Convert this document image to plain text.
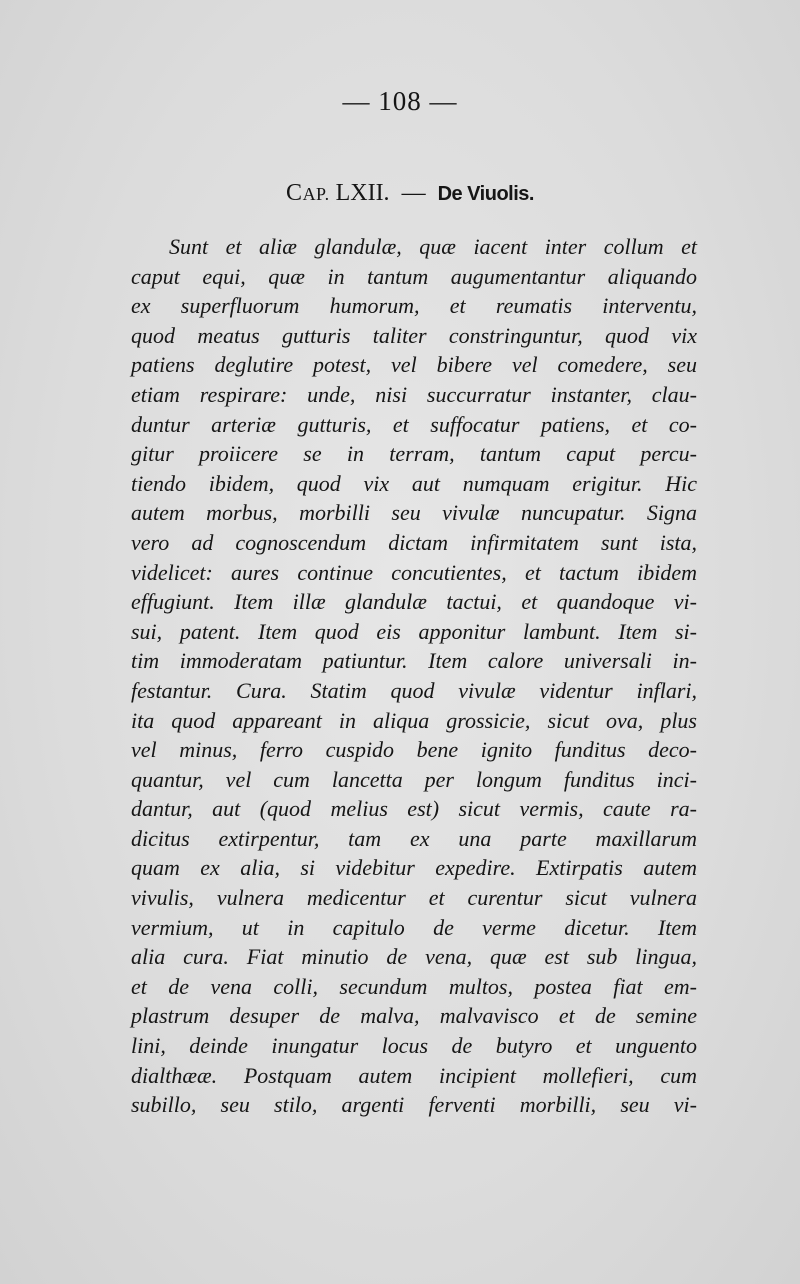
— 108 —
CAP. LXII. — De Viuolis.
Sunt et aliæ glandulæ, quæ iacent inter collum et
caput equi, quæ in tantum augumentantur aliquando
ex superfluorum humorum, et reumatis interventu,
quod meatus gutturis taliter constringuntur, quod vix
patiens deglutire potest, vel bibere vel comedere, seu
etiam respirare: unde, nisi succurratur instanter, clau-
duntur arteriæ gutturis, et suffocatur patiens, et co-
gitur proiicere se in terram, tantum caput percu-
tiendo ibidem, quod vix aut numquam erigitur. Hic
autem morbus, morbilli seu vivulæ nuncupatur. Signa
vero ad cognoscendum dictam infirmitatem sunt ista,
videlicet: aures continue concutientes, et tactum ibidem
effugiunt. Item illæ glandulæ tactui, et quandoque vi-
sui, patent. Item quod eis apponitur lambunt. Item si-
tim immoderatam patiuntur. Item calore universali in-
festantur. Cura. Statim quod vivulæ videntur inflari,
ita quod appareant in aliqua grossicie, sicut ova, plus
vel minus, ferro cuspido bene ignito funditus deco-
quantur, vel cum lancetta per longum funditus inci-
dantur, aut (quod melius est) sicut vermis, caute ra-
dicitus extirpentur, tam ex una parte maxillarum
quam ex alia, si videbitur expedire. Extirpatis autem
vivulis, vulnera medicentur et curentur sicut vulnera
vermium, ut in capitulo de verme dicetur. Item
alia cura. Fiat minutio de vena, quæ est sub lingua,
et de vena colli, secundum multos, postea fiat em-
plastrum desuper de malva, malvavisco et de semine
lini, deinde inungatur locus de butyro et unguento
dialthææ. Postquam autem incipient mollefieri, cum
subillo, seu stilo, argenti ferventi morbilli, seu vi-
